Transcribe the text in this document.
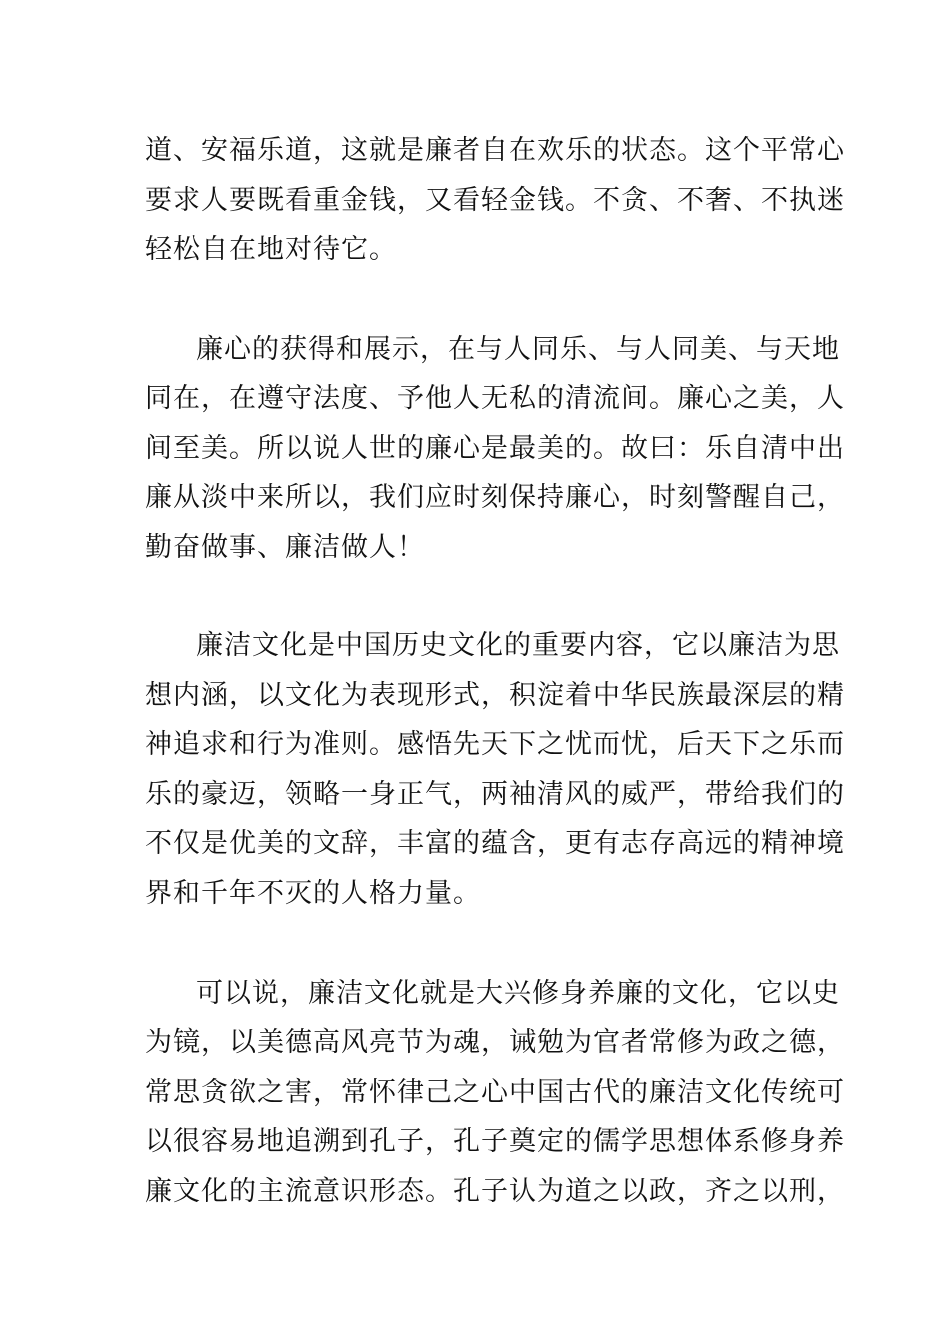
道、安福乐道，这就是廉者自在欢乐的状态。这个平常心
要求人要既看重金钱，又看轻金钱。不贪、不奢、不执迷
轻松自在地对待它。
廉心的获得和展示，在与人同乐、与人同美、与天地
同在，在遵守法度、予他人无私的清流间。廉心之美，人
间至美。所以说人世的廉心是最美的。故曰：乐自清中出
廉从淡中来所以，我们应时刻保持廉心，时刻警醒自己，
勤奋做事、廉洁做人！
廉洁文化是中国历史文化的重要内容，它以廉洁为思
想内涵，以文化为表现形式，积淀着中华民族最深层的精
神追求和行为准则。感悟先天下之忧而忧，后天下之乐而
乐的豪迈，领略一身正气，两袖清风的威严，带给我们的
不仅是优美的文辞，丰富的蕴含，更有志存高远的精神境
界和千年不灭的人格力量。
可以说，廉洁文化就是大兴修身养廉的文化，它以史
为镜，以美德高风亮节为魂，诫勉为官者常修为政之德，
常思贪欲之害，常怀律己之心中国古代的廉洁文化传统可
以很容易地追溯到孔子，孔子奠定的儒学思想体系修身养
廉文化的主流意识形态。孔子认为道之以政，齐之以刑，
